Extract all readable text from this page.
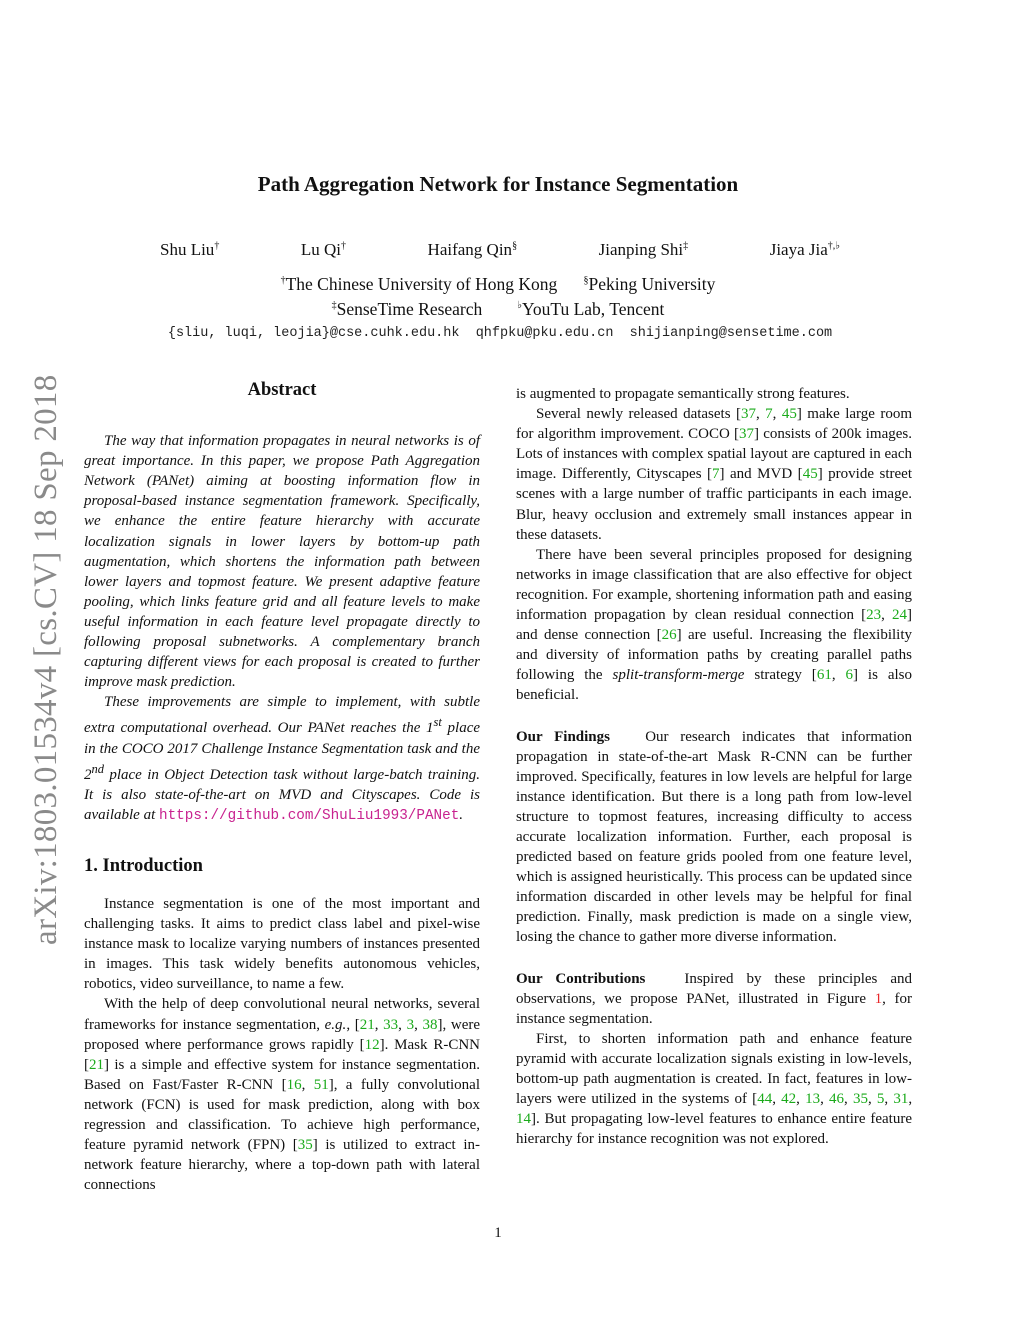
arXiv:1803.01534v4 [cs.CV] 18 Sep 2018
Path Aggregation Network for Instance Segmentation
Shu Liu†	Lu Qi†	Haifang Qin§	Jianping Shi‡	Jiaya Jia†,♭
†The Chinese University of Hong Kong	§Peking University
‡SenseTime Research	♭YouTu Lab, Tencent
{sliu, luqi, leojia}@cse.cuhk.edu.hk  qhfpku@pku.edu.cn  shijianping@sensetime.com
Abstract

The way that information propagates in neural networks is of great importance. In this paper, we propose Path Aggregation Network (PANet) aiming at boosting information flow in proposal-based instance segmentation framework. Specifically, we enhance the entire feature hierarchy with accurate localization signals in lower layers by bottom-up path augmentation, which shortens the information path between lower layers and topmost feature. We present adaptive feature pooling, which links feature grid and all feature levels to make useful information in each feature level propagate directly to following proposal subnetworks. A complementary branch capturing different views for each proposal is created to further improve mask prediction.

These improvements are simple to implement, with subtle extra computational overhead. Our PANet reaches the 1st place in the COCO 2017 Challenge Instance Segmentation task and the 2nd place in Object Detection task without large-batch training. It is also state-of-the-art on MVD and Cityscapes. Code is available at https://github.com/ShuLiu1993/PANet.

1. Introduction

Instance segmentation is one of the most important and challenging tasks. It aims to predict class label and pixel-wise instance mask to localize varying numbers of instances presented in images. This task widely benefits autonomous vehicles, robotics, video surveillance, to name a few.

With the help of deep convolutional neural networks, several frameworks for instance segmentation, e.g., [21, 33, 3, 38], were proposed where performance grows rapidly [12]. Mask R-CNN [21] is a simple and effective system for instance segmentation. Based on Fast/Faster R-CNN [16, 51], a fully convolutional network (FCN) is used for mask prediction, along with box regression and classification. To achieve high performance, feature pyramid network (FPN) [35] is utilized to extract in-network feature hierarchy, where a top-down path with lateral connections

is augmented to propagate semantically strong features.

Several newly released datasets [37, 7, 45] make large room for algorithm improvement. COCO [37] consists of 200k images. Lots of instances with complex spatial layout are captured in each image. Differently, Cityscapes [7] and MVD [45] provide street scenes with a large number of traffic participants in each image. Blur, heavy occlusion and extremely small instances appear in these datasets.

There have been several principles proposed for designing networks in image classification that are also effective for object recognition. For example, shortening information path and easing information propagation by clean residual connection [23, 24] and dense connection [26] are useful. Increasing the flexibility and diversity of information paths by creating parallel paths following the split-transform-merge strategy [61, 6] is also beneficial.

Our Findings Our research indicates that information propagation in state-of-the-art Mask R-CNN can be further improved. Specifically, features in low levels are helpful for large instance identification. But there is a long path from low-level structure to topmost features, increasing difficulty to access accurate localization information. Further, each proposal is predicted based on feature grids pooled from one feature level, which is assigned heuristically. This process can be updated since information discarded in other levels may be helpful for final prediction. Finally, mask prediction is made on a single view, losing the chance to gather more diverse information.

Our Contributions	Inspired by these principles and observations, we propose PANet, illustrated in Figure 1, for instance segmentation.

First, to shorten information path and enhance feature pyramid with accurate localization signals existing in low-levels, bottom-up path augmentation is created. In fact, features in low-layers were utilized in the systems of [44, 42, 13, 46, 35, 5, 31, 14]. But propagating low-level features to enhance entire feature hierarchy for instance recognition was not explored.

1
